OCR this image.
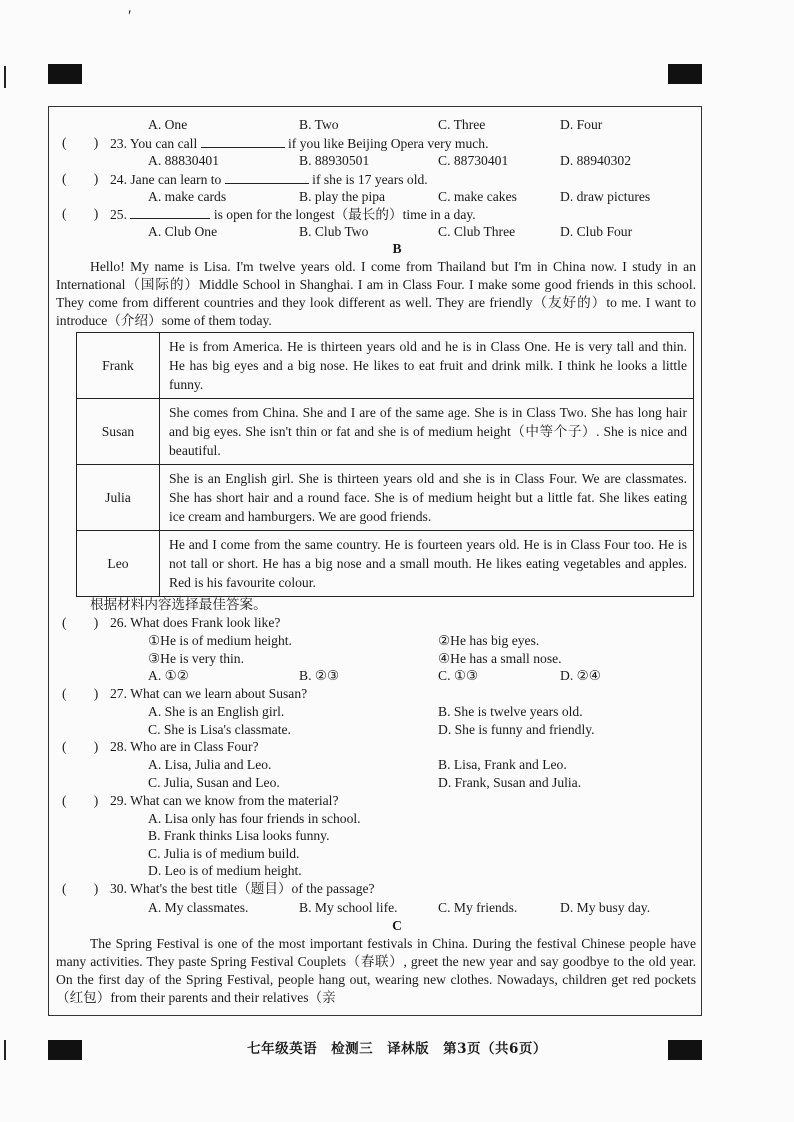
′
A. One	B. Two	C. Three	D. Four
(　　) 23. You can call	if you like Beijing Opera very much.
A. 88830401	B. 88930501	C. 88730401	D. 88940302
(　　) 24. Jane can learn to	if she is 17 years old.
A. make cards	B. play the pipa	C. make cakes	D. draw pictures
(　　) 25.	is open for the longest（最长的）time in a day.
A. Club One	B. Club Two	C. Club Three	D. Club Four
B

Hello! My name is Lisa. I'm twelve years old. I come from Thailand but I'm in China now. I study in an International（国际的）Middle School in Shanghai. I am in Class Four. I make some good friends in this school. They come from different countries and they look different as well. They are friendly（友好的）to me. I want to introduce（介绍）some of them today.

Frank	He is from America. He is thirteen years old and he is in Class One. He is very tall and thin. He has big eyes and a big nose. He likes to eat fruit and drink milk. I think he looks a little funny.
Susan	She comes from China. She and I are of the same age. She is in Class Two. She has long hair and big eyes. She isn't thin or fat and she is of medium height（中等个子）. She is nice and beautiful.
Julia	She is an English girl. She is thirteen years old and she is in Class Four. We are classmates. She has short hair and a round face. She is of medium height but a little fat. She likes eating ice cream and hamburgers. We are good friends.
Leo	He and I come from the same country. He is fourteen years old. He is in Class Four too. He is not tall or short. He has a big nose and a small mouth. He likes eating vegetables and apples. Red is his favourite colour.
根据材料内容选择最佳答案。
(　　) 26. What does Frank look like?
①He is of medium height.	②He has big eyes.
③He is very thin.	④He has a small nose.
A. ①②	B. ②③	C. ①③	D. ②④
(　　) 27. What can we learn about Susan?
A. She is an English girl.	B. She is twelve years old.
C. She is Lisa's classmate.	D. She is funny and friendly.
(　　) 28. Who are in Class Four?
A. Lisa, Julia and Leo.	B. Lisa, Frank and Leo.
C. Julia, Susan and Leo.	D. Frank, Susan and Julia.
(　　) 29. What can we know from the material?
A. Lisa only has four friends in school.
B. Frank thinks Lisa looks funny.
C. Julia is of medium build.
D. Leo is of medium height.
(　　) 30. What's the best title（题目）of the passage?
A. My classmates.	B. My school life.	C. My friends.	D. My busy day.
C

The Spring Festival is one of the most important festivals in China. During the festival Chinese people have many activities. They paste Spring Festival Couplets（春联）, greet the new year and say goodbye to the old year. On the first day of the Spring Festival, people hang out, wearing new clothes. Nowadays, children get red pockets（红包）from their parents and their relatives（亲

七年级英语　检测三　译林版　第3页（共6页）
